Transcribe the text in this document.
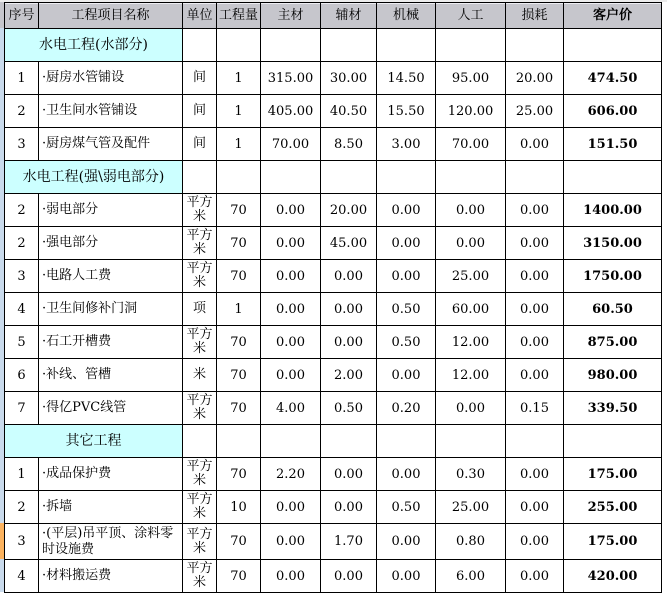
序号	工程项目名称	单位	工程量	主材	辅材	机械	人工	损耗	客户价
水电工程(水部分)									
1	·厨房水管铺设	间	1	315.00	30.00	14.50	95.00	20.00	474.50
2	·卫生间水管铺设	间	1	405.00	40.50	15.50	120.00	25.00	606.00
3	·厨房煤气管及配件	间	1	70.00	8.50	3.00	70.00	0.00	151.50
水电工程(强\弱电部分)									
2	·弱电部分	平方米	70	0.00	20.00	0.00	0.00	0.00	1400.00
2	·强电部分	平方米	70	0.00	45.00	0.00	0.00	0.00	3150.00
3	·电路人工费	平方米	70	0.00	0.00	0.00	25.00	0.00	1750.00
4	·卫生间修补门洞	项	1	0.00	0.00	0.50	60.00	0.00	60.50
5	·石工开槽费	平方米	70	0.00	0.00	0.50	12.00	0.00	875.00
6	·补线、管槽	米	70	0.00	2.00	0.00	12.00	0.00	980.00
7	·得亿PVC线管	平方米	70	4.00	0.50	0.20	0.00	0.15	339.50
其它工程									
1	·成品保护费	平方米	70	2.20	0.00	0.00	0.30	0.00	175.00
2	·拆墙	平方米	10	0.00	0.00	0.50	25.00	0.00	255.00
3	·(平层)吊平顶、涂料零时设施费	平方米	70	0.00	1.70	0.00	0.80	0.00	175.00
4	·材料搬运费	平方米	70	0.00	0.00	0.00	6.00	0.00	420.00
